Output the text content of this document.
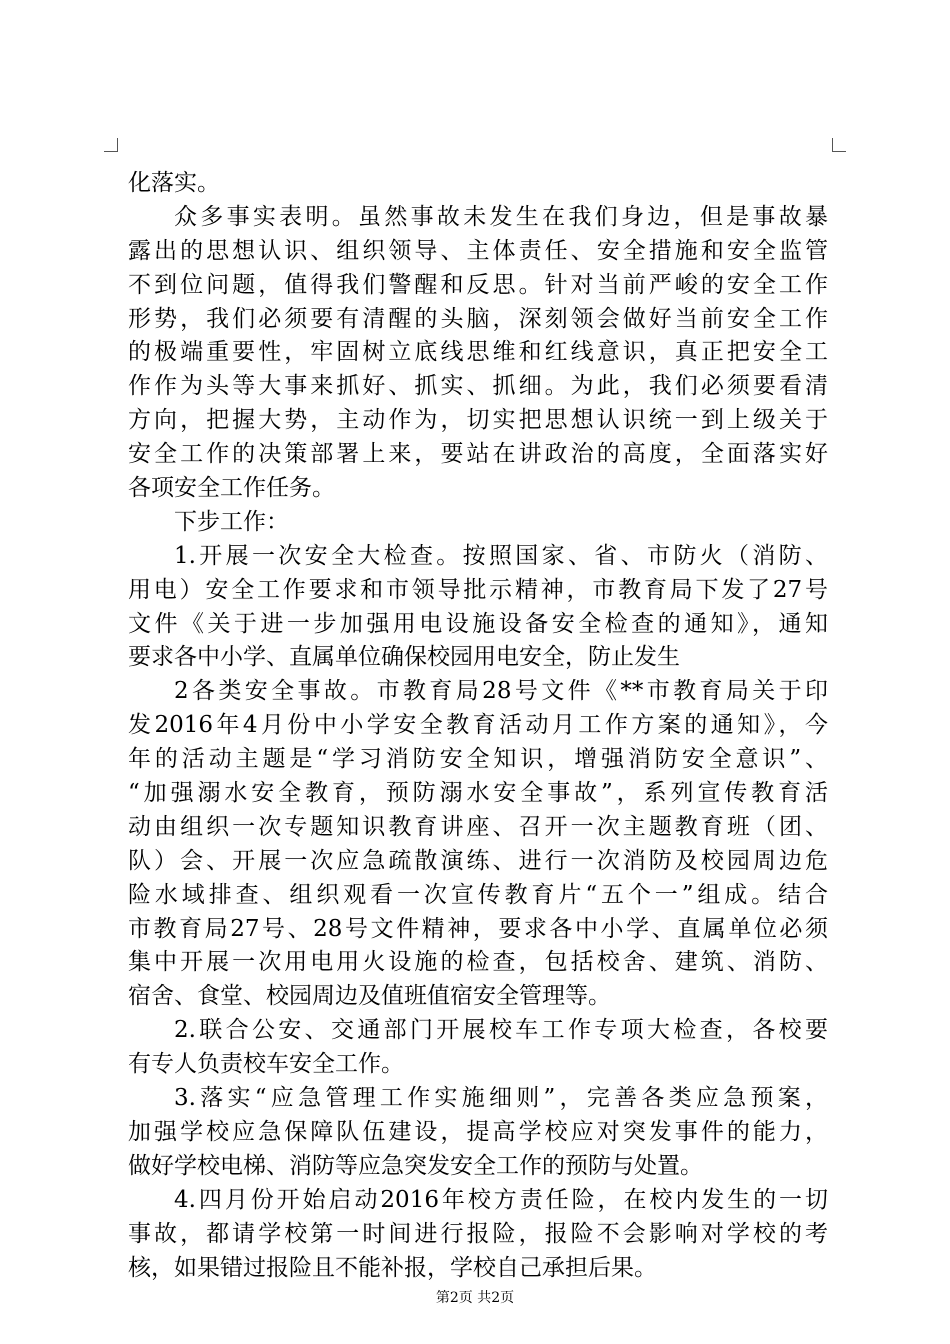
化落实。
众多事实表明。虽然事故未发生在我们身边，但是事故暴
露出的思想认识、组织领导、主体责任、安全措施和安全监管
不到位问题，值得我们警醒和反思。针对当前严峻的安全工作
形势，我们必须要有清醒的头脑，深刻领会做好当前安全工作
的极端重要性，牢固树立底线思维和红线意识，真正把安全工
作作为头等大事来抓好、抓实、抓细。为此，我们必须要看清
方向，把握大势，主动作为，切实把思想认识统一到上级关于
安全工作的决策部署上来，要站在讲政治的高度，全面落实好
各项安全工作任务。
下步工作：
1.开展一次安全大检查。按照国家、省、市防火（消防、
用电）安全工作要求和市领导批示精神，市教育局下发了27号
文件《关于进一步加强用电设施设备安全检查的通知》，通知
要求各中小学、直属单位确保校园用电安全，防止发生
2各类安全事故。市教育局28号文件《**市教育局关于印
发2016年4月份中小学安全教育活动月工作方案的通知》，今
年的活动主题是“学习消防安全知识，增强消防安全意识”、
“加强溺水安全教育，预防溺水安全事故”，系列宣传教育活
动由组织一次专题知识教育讲座、召开一次主题教育班（团、
队）会、开展一次应急疏散演练、进行一次消防及校园周边危
险水域排查、组织观看一次宣传教育片“五个一”组成。结合
市教育局27号、28号文件精神，要求各中小学、直属单位必须
集中开展一次用电用火设施的检查，包括校舍、建筑、消防、
宿舍、食堂、校园周边及值班值宿安全管理等。
2.联合公安、交通部门开展校车工作专项大检查，各校要
有专人负责校车安全工作。
3.落实“应急管理工作实施细则”，完善各类应急预案，
加强学校应急保障队伍建设，提高学校应对突发事件的能力，
做好学校电梯、消防等应急突发安全工作的预防与处置。
4.四月份开始启动2016年校方责任险，在校内发生的一切
事故，都请学校第一时间进行报险，报险不会影响对学校的考
核，如果错过报险且不能补报，学校自己承担后果。
第2页 共2页
